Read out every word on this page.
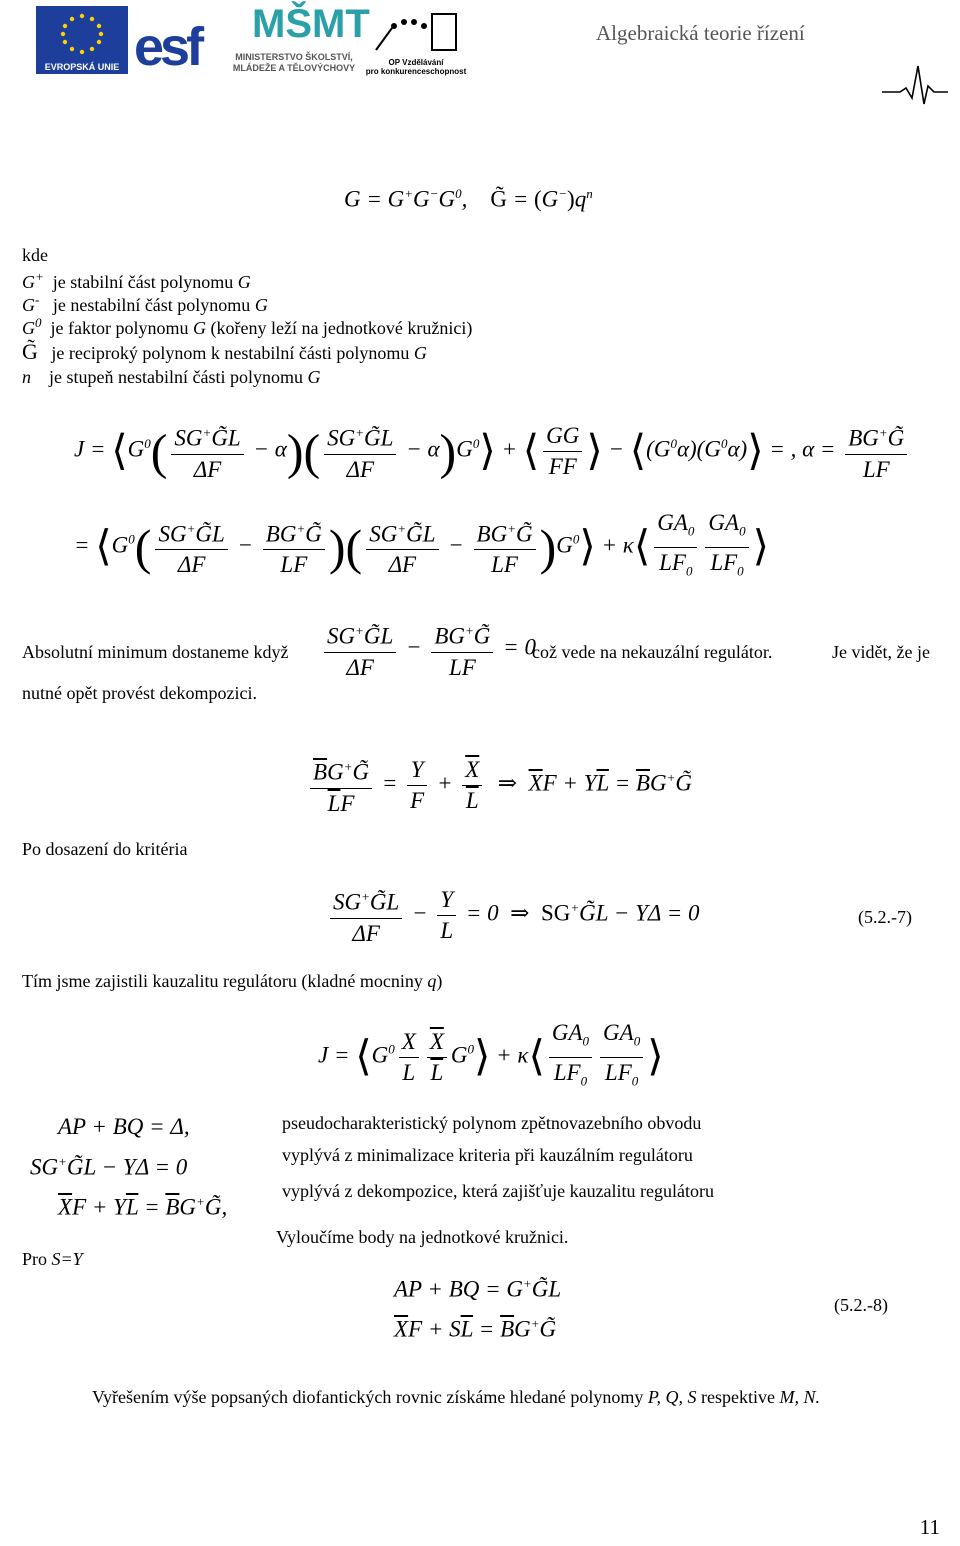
EVROPSKÁ UNIE esf MŠMT
MINISTERSTVO ŠKOLSTVÍ,
MLÁDEŽE A TĚLOVÝCHOVY
OP Vzdělávání
pro konkurenceschopnost
Algebraická teorie řízení
$G = G^+G^-G^0$,    G̃ = $(G^-)q^n$
kde
G+ je stabilní část polynomu G
G- je nestabilní část polynomu G
$G^0$ je faktor polynomu G (kořeny leží na jednotkové kružnici)
G̃ je reciproký polynom k nestabilní části polynomu G
n je stupeň nestabilní části polynomu G
$J = ⟨G^0( \frac{SG^+G̃L}{\Delta F} - \alpha)( \frac{SG^+G̃L}{\Delta F}$ − $\alpha)G^0⟩$ + ⟨ $\frac{GG}{FF}$ ⟩ − $⟨(G^0\alpha)(G^0\alpha)⟩$ = , $\alpha = \frac{BG^+G̃}{LF}$
= $⟨G^0( \frac{SG^+G̃L}{\Delta F} - \frac{BG^+G̃}{LF}$ )( $\frac{SG^+G̃L}{\Delta F} - \frac{BG^+G̃}{LF}$ )$G^0⟩$ + κ⟨ $\frac{GA_0}{LF_0} \frac{GA_0}{LF_0}$ ⟩
Absolutní minimum dostaneme když $\frac{SG^+G̃L}{\Delta F} - \frac{BG^+G̃}{LF} = 0$
což vede na nekauzální regulátor.	Je vidět, že je
nutné opět provést dekompozici.
$\frac{\overline{B}G^+G̃}{\overline{L}F} = \frac{Y}{F} + \frac{\overline{X}}{L}$ ⇒  $\overline{X}F + Y\overline{L}$ = $\overline{B}G^+G̃$
Po dosazení do kritéria
$\frac{SG^+G̃L}{\Delta F} - \frac{Y}{L} = 0$  ⇒  SG+G̃L − YΔ = 0	(5.2.-7)
Tím jsme zajistili kauzalitu regulátoru (kladné mocniny q)
$J = ⟨G^0 \frac{X}{L} \frac{\overline{X}}{L}$ $G^0⟩$ + κ⟨ $\frac{GA_0}{LF_0} \frac{GA_0}{LF_0}$ ⟩
AP + BQ = Δ,
SG+G̃L − YΔ = 0
$\overline{X}F + Y\overline{L}$ = $\overline{B}G^+G̃$,
pseudocharakteristický polynom zpětnovazebního obvodu
vyplývá z minimalizace kriteria při kauzálním regulátoru
vyplývá z dekompozice, která zajišťuje kauzalitu regulátoru
Vyloučíme body na jednotkové kružnici.
Pro S=Y
AP + BQ = G+G̃L
$\overline{X}F + S\overline{L}$ = $\overline{B}G^+G̃$
(5.2.-8)
Vyřešením výše popsaných diofantických rovnic získáme hledané polynomy P, Q, S respektive M, N.
11
